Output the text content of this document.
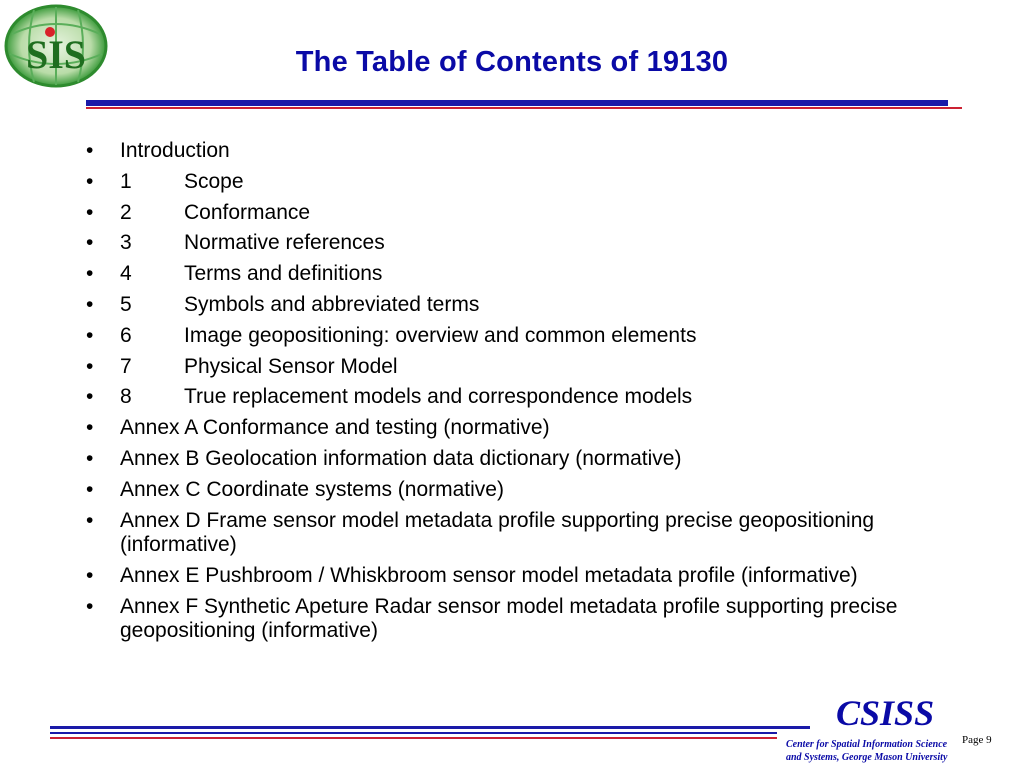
SIS	The Table of Contents of 19130
• Introduction
• 1 Scope
• 2 Conformance
• 3 Normative references
• 4 Terms and definitions
• 5 Symbols and abbreviated terms
• 6 Image geopositioning: overview and common elements
• 7 Physical Sensor Model
• 8 True replacement models and correspondence models
• Annex A Conformance and testing (normative)
• Annex B Geolocation information data dictionary (normative)
• Annex C Coordinate systems (normative)
• Annex D Frame sensor model metadata profile supporting precise geopositioning (informative)
• Annex E Pushbroom / Whiskbroom sensor model metadata profile (informative)
• Annex F Synthetic Apeture Radar sensor model metadata profile supporting precise geopositioning (informative)
CSISS
Center for Spatial Information Science
and Systems, George Mason University
Page 9
